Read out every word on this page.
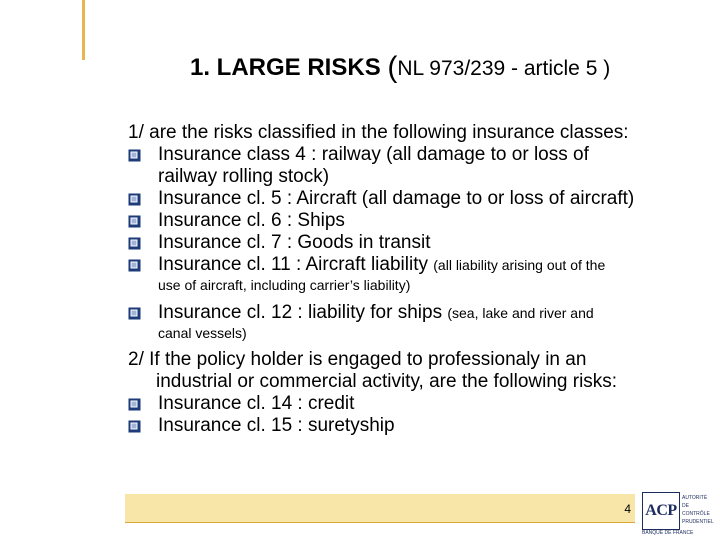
1. LARGE RISKS (NL 973/239 - article 5 )

1/ are the risks classified in the following insurance classes:

Insurance class 4 : railway (all damage to or loss of
railway rolling stock)
Insurance cl. 5 : Aircraft (all damage to or loss of aircraft)
Insurance cl. 6 : Ships
Insurance cl. 7 : Goods in transit
Insurance cl. 11 : Aircraft liability (all liability arising out of the
use of aircraft, including carrier’s liability)
Insurance cl. 12 : liability for ships (sea, lake and river and
canal vessels)

2/ If the policy holder is engaged to professionaly in an
industrial or commercial activity, are the following risks:

Insurance cl. 14 : credit
Insurance cl. 15 : suretyship
4 ACP
AUTORITÉ
DE CONTRÔLE
PRUDENTIEL
BANQUE DE FRANCE
